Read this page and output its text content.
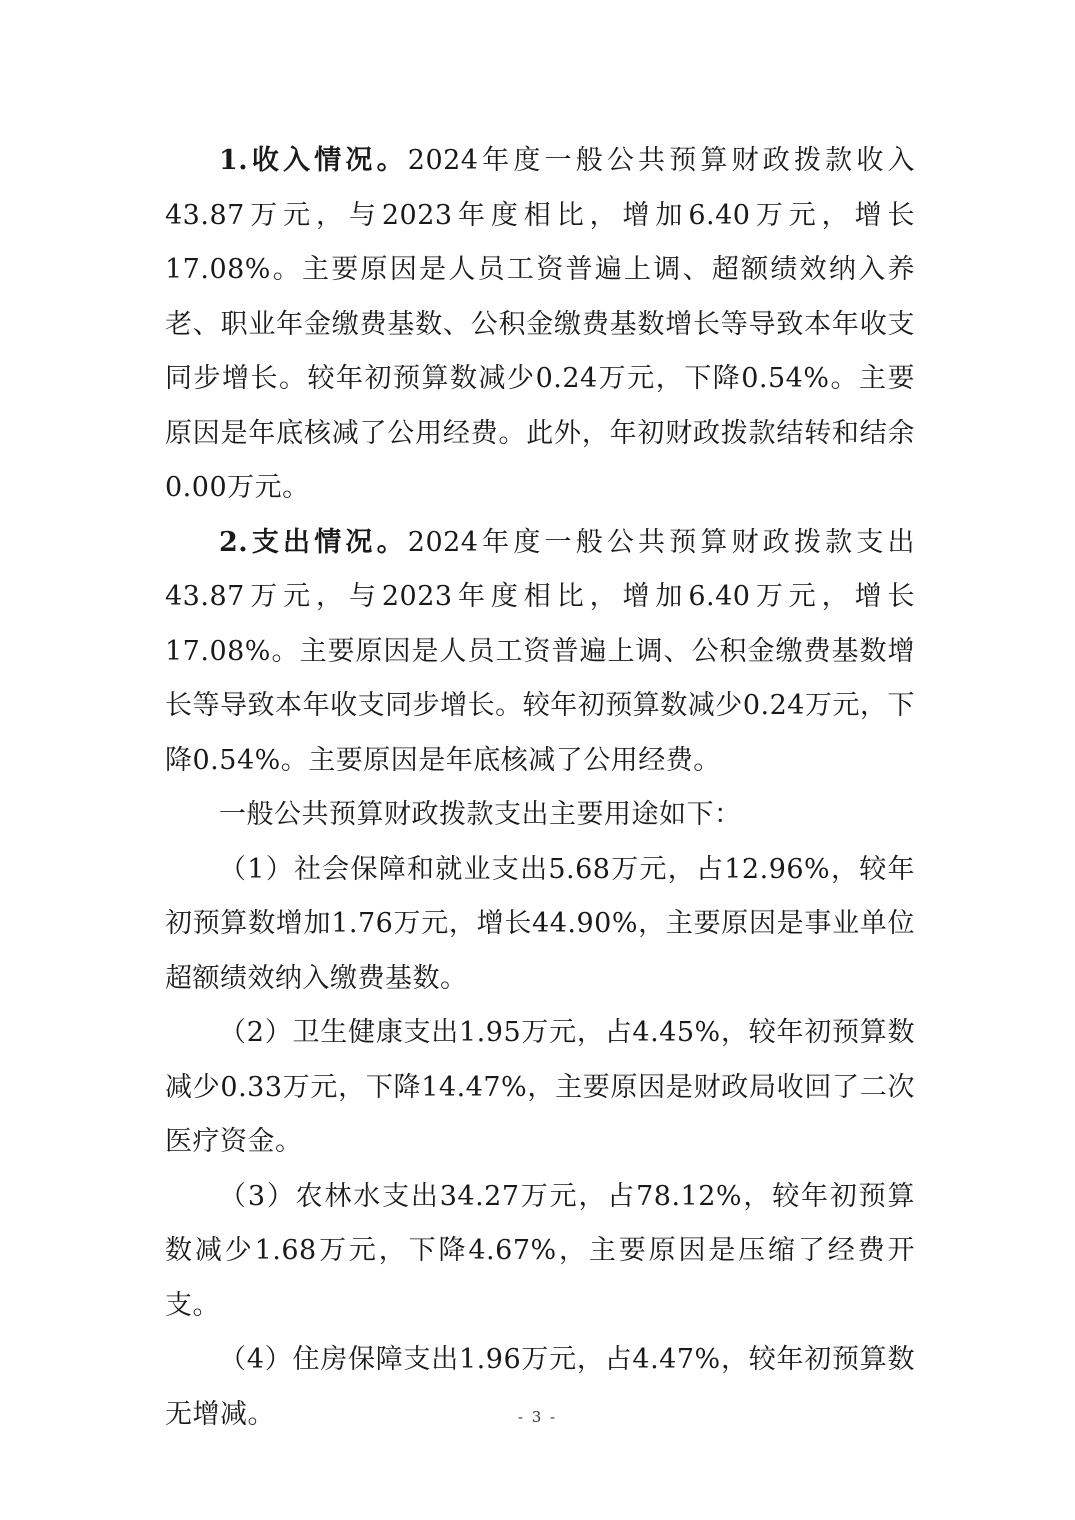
1.收入情况。2024年度一般公共预算财政拨款收入43.87万元，与2023年度相比，增加6.40万元，增长17.08%。主要原因是人员工资普遍上调、超额绩效纳入养老、职业年金缴费基数、公积金缴费基数增长等导致本年收支同步增长。较年初预算数减少0.24万元，下降0.54%。主要原因是年底核减了公用经费。此外，年初财政拨款结转和结余0.00万元。

2.支出情况。2024年度一般公共预算财政拨款支出43.87万元，与2023年度相比，增加6.40万元，增长17.08%。主要原因是人员工资普遍上调、公积金缴费基数增长等导致本年收支同步增长。较年初预算数减少0.24万元，下降0.54%。主要原因是年底核减了公用经费。

一般公共预算财政拨款支出主要用途如下：

（1）社会保障和就业支出5.68万元，占12.96%，较年初预算数增加1.76万元，增长44.90%，主要原因是事业单位超额绩效纳入缴费基数。

（2）卫生健康支出1.95万元，占4.45%，较年初预算数减少0.33万元，下降14.47%，主要原因是财政局收回了二次医疗资金。

（3）农林水支出34.27万元，占78.12%，较年初预算数减少1.68万元，下降4.67%，主要原因是压缩了经费开支。

（4）住房保障支出1.96万元，占4.47%，较年初预算数无增减。	- 3 -
